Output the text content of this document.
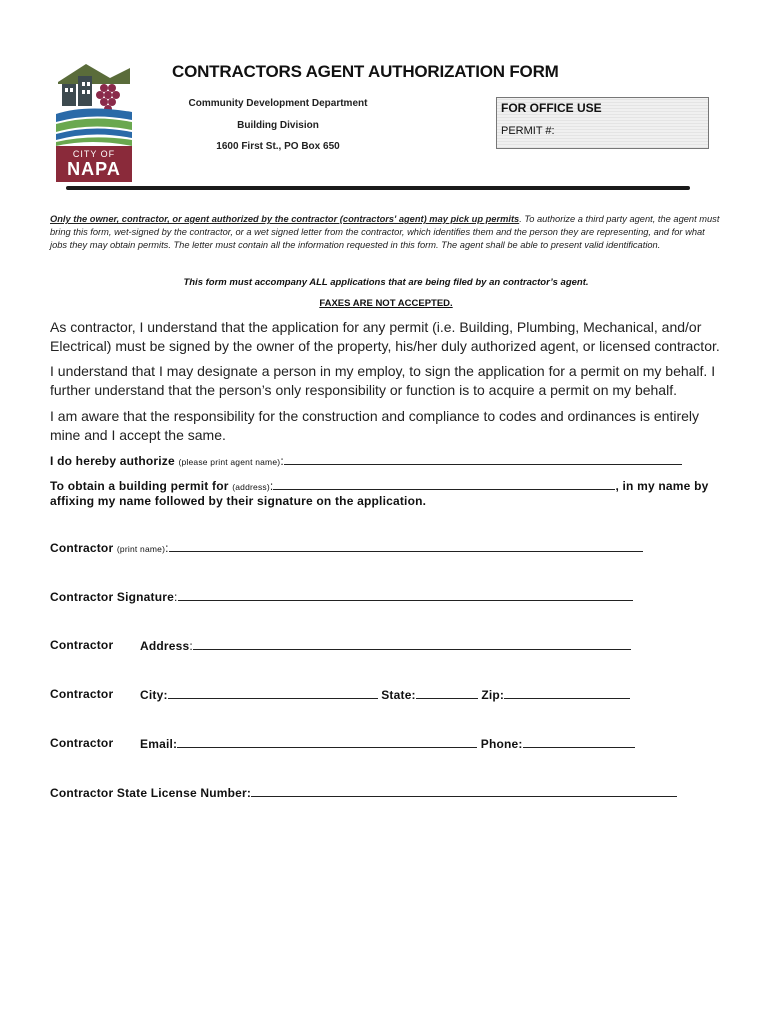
CITY OF
NAPA
CONTRACTORS AGENT AUTHORIZATION FORM
Community Development Department
Building Division
1600 First St., PO Box 650
FOR OFFICE USE
PERMIT #:
Only the owner, contractor, or agent authorized by the contractor (contractors' agent) may pick up permits. To authorize a third party agent, the agent must bring this form, wet-signed by the contractor, or a wet signed letter from the contractor, which identifies them and the person they are representing, and for what jobs they may obtain permits. The letter must contain all the information requested in this form. The agent shall be able to present valid identification.
This form must accompany ALL applications that are being filed by an contractor’s agent.
FAXES ARE NOT ACCEPTED.
As contractor, I understand that the application for any permit (i.e. Building, Plumbing, Mechanical, and/or Electrical) must be signed by the owner of the property, his/her duly authorized agent, or licensed contractor.
I understand that I may designate a person in my employ, to sign the application for a permit on my behalf. I further understand that the person’s only responsibility or function is to acquire a permit on my behalf.
I am aware that the responsibility for the construction and compliance to codes and ordinances is entirely mine and I accept the same.
I do hereby authorize (please print agent name):
To obtain a building permit for (address):	, in my name by
affixing my name followed by their signature on the application.
Contractor (print name):
Contractor Signature:
Contractor Address:
Contractor City:	State:	Zip:
Contractor Email:	Phone:
Contractor State License Number:
